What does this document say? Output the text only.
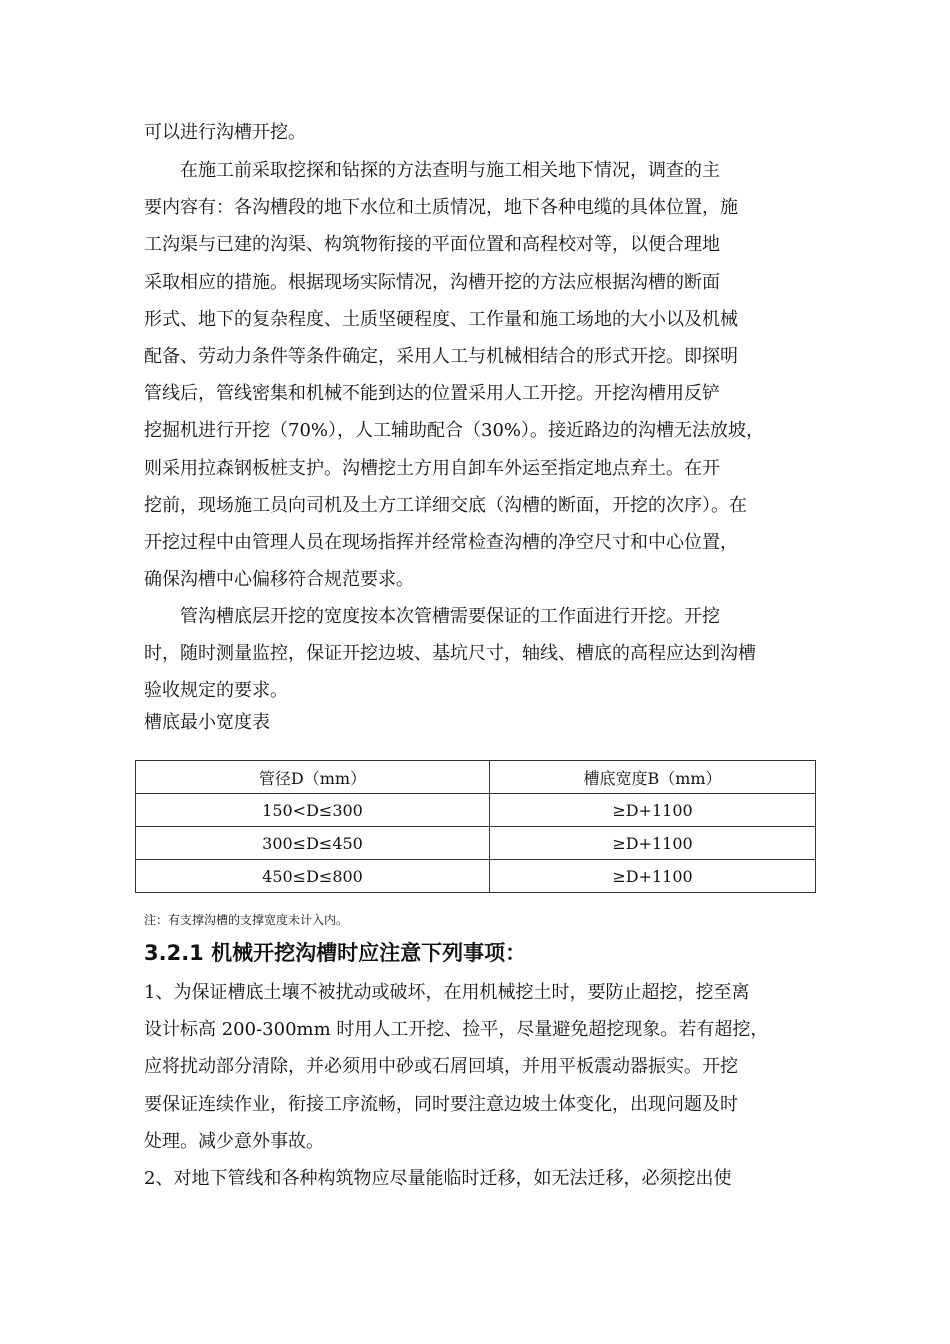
可以进行沟槽开挖。
　　在施工前采取挖探和钻探的方法查明与施工相关地下情况，调查的主
要内容有：各沟槽段的地下水位和土质情况，地下各种电缆的具体位置，施
工沟渠与已建的沟渠、构筑物衔接的平面位置和高程校对等，以便合理地
采取相应的措施。根据现场实际情况，沟槽开挖的方法应根据沟槽的断面
形式、地下的复杂程度、土质坚硬程度、工作量和施工场地的大小以及机械
配备、劳动力条件等条件确定，采用人工与机械相结合的形式开挖。即探明
管线后，管线密集和机械不能到达的位置采用人工开挖。开挖沟槽用反铲
挖掘机进行开挖（70%），人工辅助配合（30%）。接近路边的沟槽无法放坡，
则采用拉森钢板桩支护。沟槽挖土方用自卸车外运至指定地点弃土。在开
挖前，现场施工员向司机及土方工详细交底（沟槽的断面，开挖的次序）。在
开挖过程中由管理人员在现场指挥并经常检查沟槽的净空尺寸和中心位置，
确保沟槽中心偏移符合规范要求。
　　管沟槽底层开挖的宽度按本次管槽需要保证的工作面进行开挖。开挖
时，随时测量监控，保证开挖边坡、基坑尺寸，轴线、槽底的高程应达到沟槽
验收规定的要求。
槽底最小宽度表
管径D（mm）	槽底宽度B（mm）
150<D≤300	≥D+1100
300≤D≤450	≥D+1100
450≤D≤800	≥D+1100
注：有支撑沟槽的支撑宽度未计入内。
3.2.1 机械开挖沟槽时应注意下列事项：
1、为保证槽底土壤不被扰动或破坏，在用机械挖土时，要防止超挖，挖至离
设计标高 200-300mm 时用人工开挖、捡平，尽量避免超挖现象。若有超挖，
应将扰动部分清除，并必须用中砂或石屑回填，并用平板震动器振实。开挖
要保证连续作业，衔接工序流畅，同时要注意边坡土体变化，出现问题及时
处理。减少意外事故。
2、对地下管线和各种构筑物应尽量能临时迁移，如无法迁移，必须挖出使
